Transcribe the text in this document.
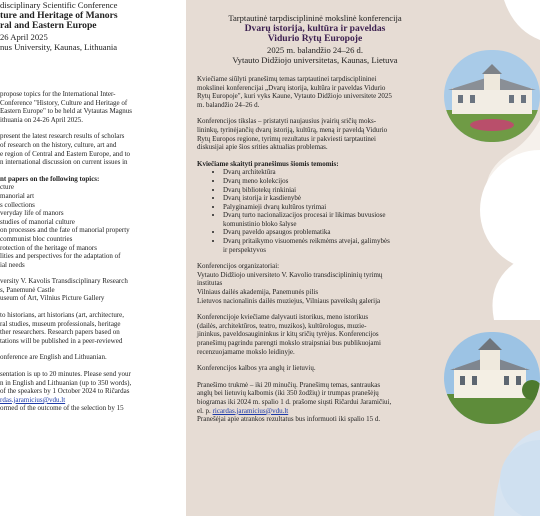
disciplinary Scientific Conference
ture and Heritage of Manors
ral and Eastern Europe
26 April 2025
nus University, Kaunas, Lithuania

propose topics for the International Inter-
Conference "History, Culture and Heritage of
Eastern Europe" to be held at Vytautas Magnus
ithuania on 24-26 April 2025.

present the latest research results of scholars
of research on the history, culture, art and
e region of Central and Eastern Europe, and to
n international discussion on current issues in

nt papers on the following topics:

cture

manorial art

s collections

veryday life of manors

studies of manorial culture

on processes and the fate of manorial property

communist bloc countries

rotection of the heritage of manors

lities and perspectives for the adaptation of

ial needs

versity V. Kavolis Transdisciplinary Research

s, Panemunė Castle

useum of Art, Vilnius Picture Gallery

to historians, art historians (art, architecture,
ral studies, museum professionals, heritage
ther researchers. Research papers based on
tations will be published in a peer-reviewed

onference are English and Lithuanian.

sentation is up to 20 minutes. Please send your
n in English and Lithuanian (up to 350 words),
of the speakers by 1 October 2024 to Ričardas
rdas.jaramicius@vdu.lt
ormed of the outcome of the selection by 15

Tarptautinė tarpdisciplininė mokslinė konferencija
Dvarų istorija, kultūra ir paveldas
Vidurio Rytų Europoje
2025 m. balandžio 24–26 d.
Vytauto Didžiojo universitetas, Kaunas, Lietuva

Kviečiame siūlyti pranešimų temas tarptautinei tarpdisciplininei
mokslinei konferencijai „Dvarų istorija, kultūra ir paveldas Vidurio
Rytų Europoje", kuri vyks Kaune, Vytauto Didžiojo universitete 2025
m. balandžio 24–26 d.

Konferencijos tikslas – pristatyti naujausius įvairių sričių moks-
lininkų, tyrinėjančių dvarų istoriją, kultūrą, meną ir paveldą Vidurio
Rytų Europos regione, tyrimų rezultatus ir pakviesti tarptautinei
diskusijai apie šios srities aktualias problemas.

Kviečiame skaityti pranešimus šiomis temomis:

• Dvarų architektūra
• Dvarų meno kolekcijos
• Dvarų bibliotekų rinkiniai
• Dvarų istorija ir kasdienybė
• Palyginamieji dvarų kultūros tyrimai
• Dvarų turto nacionalizacijos procesai ir likimas buvusiose
komunistinio bloko šalyse
• Dvarų paveldo apsaugos problematika
• Dvarų pritaikymo visuomenės reikmėms atvejai, galimybės
ir perspektyvos

Konferencijos organizatoriai:

Vytauto Didžiojo universiteto V. Kavolio transdisciplininių tyrimų

institutas

Vilniaus dailės akademija, Panemunės pilis

Lietuvos nacionalinis dailės muziejus, Vilniaus paveikslų galerija

Konferencijoje kviečiame dalyvauti istorikus, meno istorikus
(dailės, architektūros, teatro, muzikos), kultūrologus, muzie-
jininkus, paveldosaugininkus ir kitų sričių tyrėjus. Konferencijos
pranešimų pagrindu parengti mokslo straipsniai bus publikuojami
recenzuojamame mokslo leidinyje.

Konferencijos kalbos yra anglų ir lietuvių.

Pranešimo trukmė – iki 20 minučių. Pranešimų temas, santraukas
anglų bei lietuvių kalbomis (iki 350 žodžių) ir trumpas pranešėjų
biogramas iki 2024 m. spalio 1 d. prašome siųsti Ričardui Jaramičiui,
el. p. ricardas.jaramicius@vdu.lt
Pranešėjai apie atrankos rezultatus bus informuoti iki spalio 15 d.
